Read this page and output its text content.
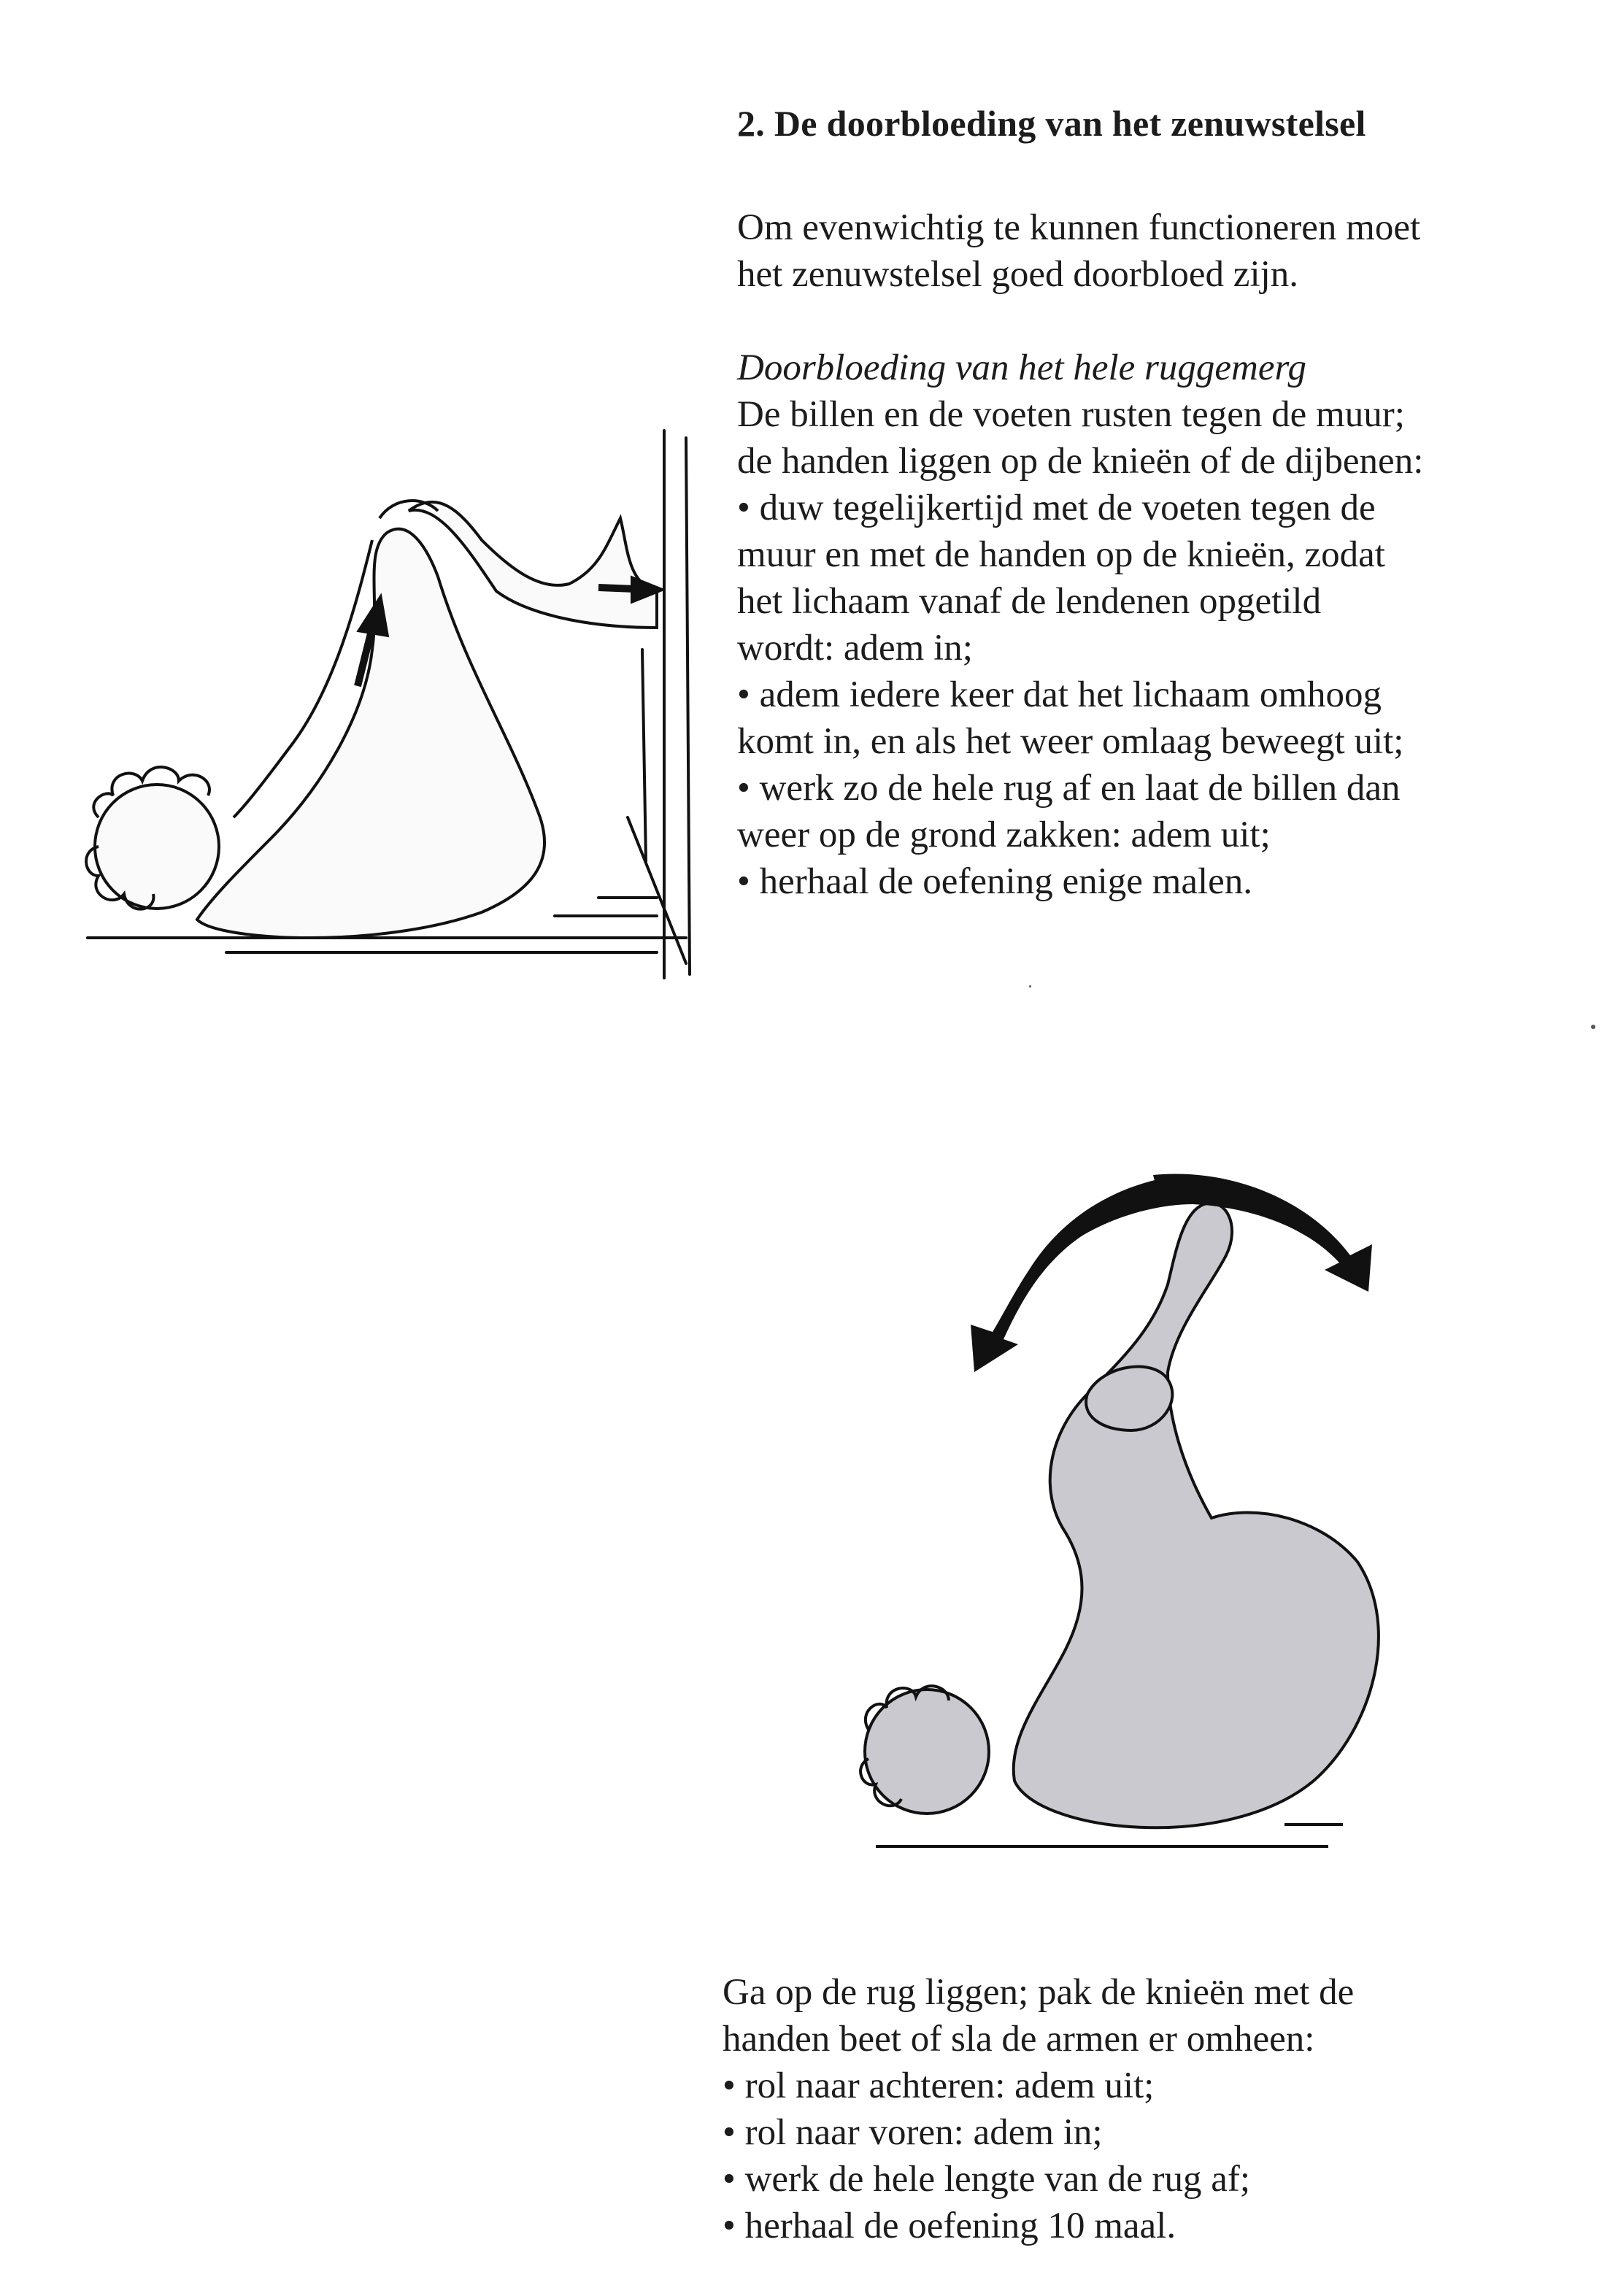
2. De doorbloeding van het zenuwstelsel
Om evenwichtig te kunnen functioneren moet
het zenuwstelsel goed doorbloed zijn.
Doorbloeding van het hele ruggemerg
De billen en de voeten rusten tegen de muur;
de handen liggen op de knieën of de dijbenen:
• duw tegelijkertijd met de voeten tegen de
muur en met de handen op de knieën, zodat
het lichaam vanaf de lendenen opgetild
wordt: adem in;
• adem iedere keer dat het lichaam omhoog
komt in, en als het weer omlaag beweegt uit;
• werk zo de hele rug af en laat de billen dan
weer op de grond zakken: adem uit;
• herhaal de oefening enige malen.
Ga op de rug liggen; pak de knieën met de
handen beet of sla de armen er omheen:
• rol naar achteren: adem uit;
• rol naar voren: adem in;
• werk de hele lengte van de rug af;
• herhaal de oefening 10 maal.
